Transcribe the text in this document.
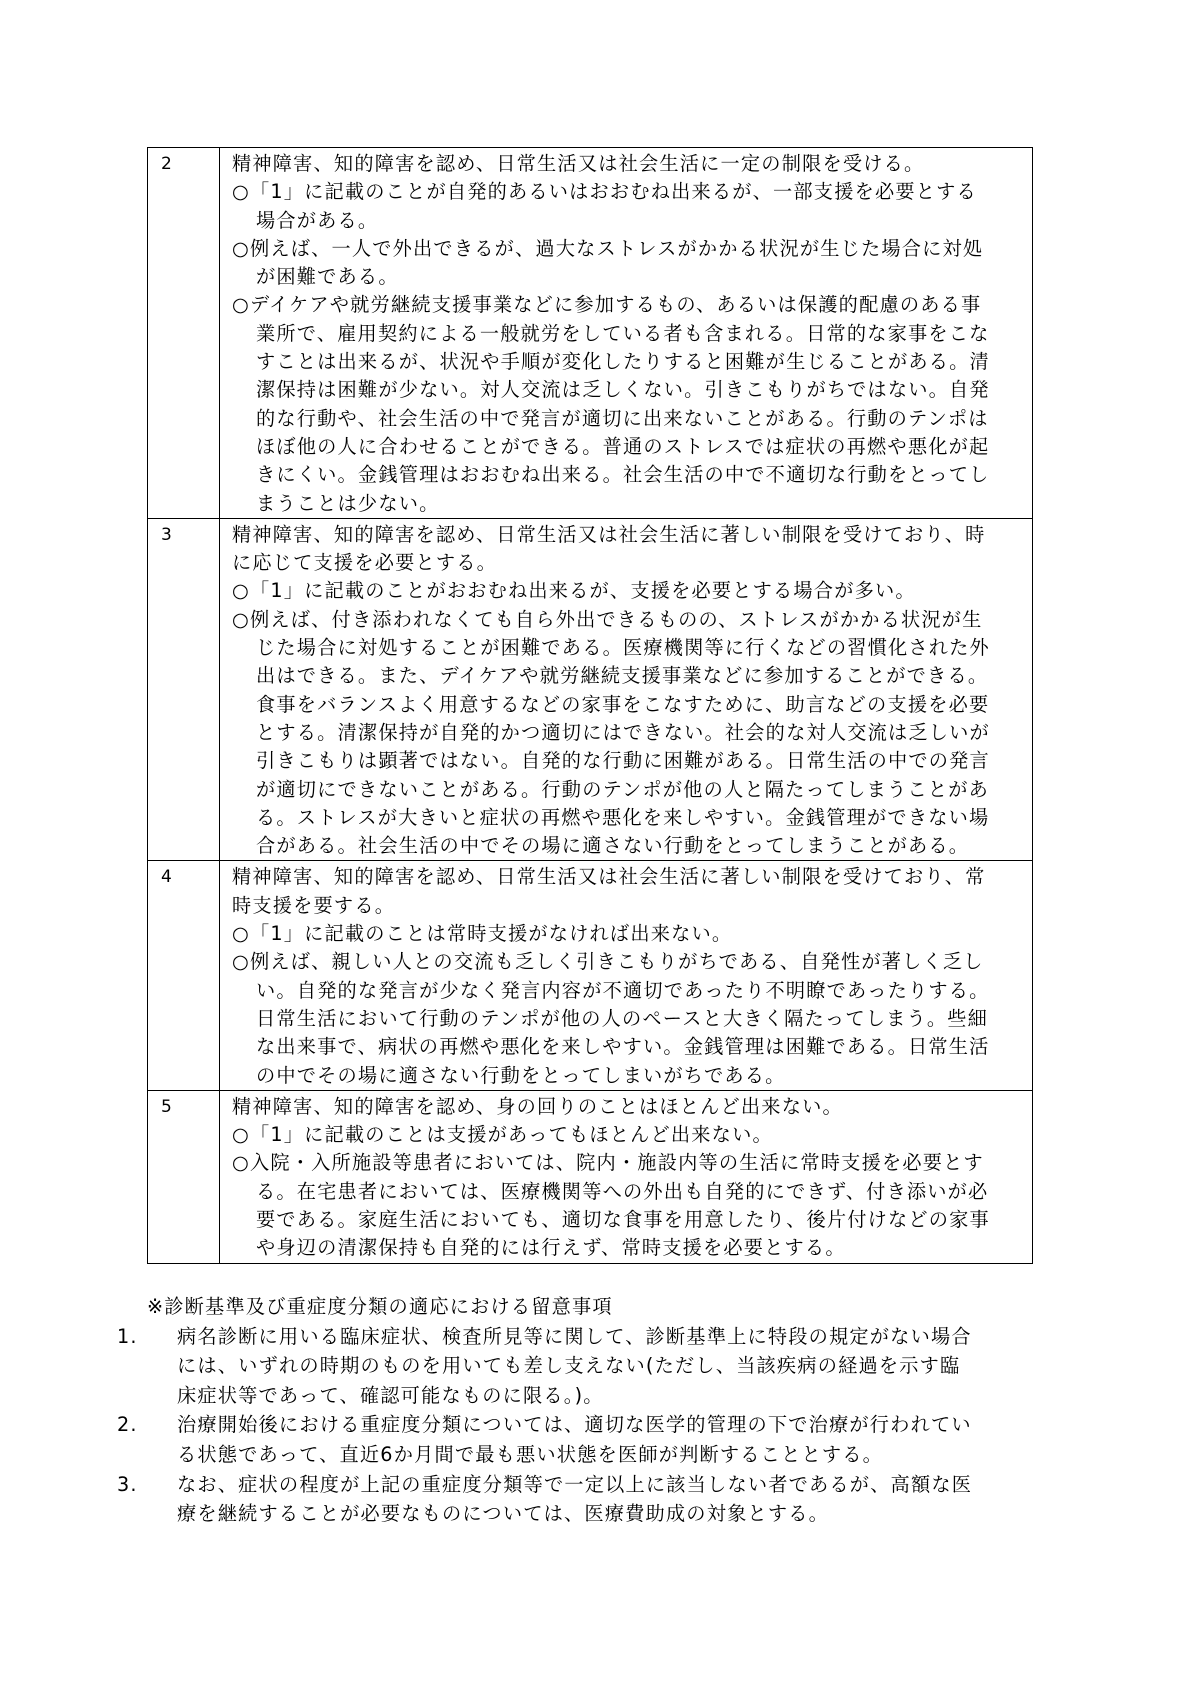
2	精神障害、知的障害を認め、日常生活又は社会生活に一定の制限を受ける。
○「1」に記載のことが自発的あるいはおおむね出来るが、一部支援を必要とする
場合がある。
○例えば、一人で外出できるが、過大なストレスがかかる状況が生じた場合に対処
が困難である。
○デイケアや就労継続支援事業などに参加するもの、あるいは保護的配慮のある事
業所で、雇用契約による一般就労をしている者も含まれる。日常的な家事をこな
すことは出来るが、状況や手順が変化したりすると困難が生じることがある。清
潔保持は困難が少ない。対人交流は乏しくない。引きこもりがちではない。自発
的な行動や、社会生活の中で発言が適切に出来ないことがある。行動のテンポは
ほぼ他の人に合わせることができる。普通のストレスでは症状の再燃や悪化が起
きにくい。金銭管理はおおむね出来る。社会生活の中で不適切な行動をとってし
まうことは少ない。

3	精神障害、知的障害を認め、日常生活又は社会生活に著しい制限を受けており、時
に応じて支援を必要とする。
○「1」に記載のことがおおむね出来るが、支援を必要とする場合が多い。
○例えば、付き添われなくても自ら外出できるものの、ストレスがかかる状況が生
じた場合に対処することが困難である。医療機関等に行くなどの習慣化された外
出はできる。また、デイケアや就労継続支援事業などに参加することができる。
食事をバランスよく用意するなどの家事をこなすために、助言などの支援を必要
とする。清潔保持が自発的かつ適切にはできない。社会的な対人交流は乏しいが
引きこもりは顕著ではない。自発的な行動に困難がある。日常生活の中での発言
が適切にできないことがある。行動のテンポが他の人と隔たってしまうことがあ
る。ストレスが大きいと症状の再燃や悪化を来しやすい。金銭管理ができない場
合がある。社会生活の中でその場に適さない行動をとってしまうことがある。

4	精神障害、知的障害を認め、日常生活又は社会生活に著しい制限を受けており、常
時支援を要する。
○「1」に記載のことは常時支援がなければ出来ない。
○例えば、親しい人との交流も乏しく引きこもりがちである、自発性が著しく乏し
い。自発的な発言が少なく発言内容が不適切であったり不明瞭であったりする。
日常生活において行動のテンポが他の人のペースと大きく隔たってしまう。些細
な出来事で、病状の再燃や悪化を来しやすい。金銭管理は困難である。日常生活
の中でその場に適さない行動をとってしまいがちである。

5	精神障害、知的障害を認め、身の回りのことはほとんど出来ない。
○「1」に記載のことは支援があってもほとんど出来ない。
○入院・入所施設等患者においては、院内・施設内等の生活に常時支援を必要とす
る。在宅患者においては、医療機関等への外出も自発的にできず、付き添いが必
要である。家庭生活においても、適切な食事を用意したり、後片付けなどの家事
や身辺の清潔保持も自発的には行えず、常時支援を必要とする。
※診断基準及び重症度分類の適応における留意事項
1. 病名診断に用いる臨床症状、検査所見等に関して、診断基準上に特段の規定がない場合
には、いずれの時期のものを用いても差し支えない(ただし、当該疾病の経過を示す臨
床症状等であって、確認可能なものに限る。)。
2. 治療開始後における重症度分類については、適切な医学的管理の下で治療が行われてい
る状態であって、直近6か月間で最も悪い状態を医師が判断することとする。
3. なお、症状の程度が上記の重症度分類等で一定以上に該当しない者であるが、高額な医
療を継続することが必要なものについては、医療費助成の対象とする。
